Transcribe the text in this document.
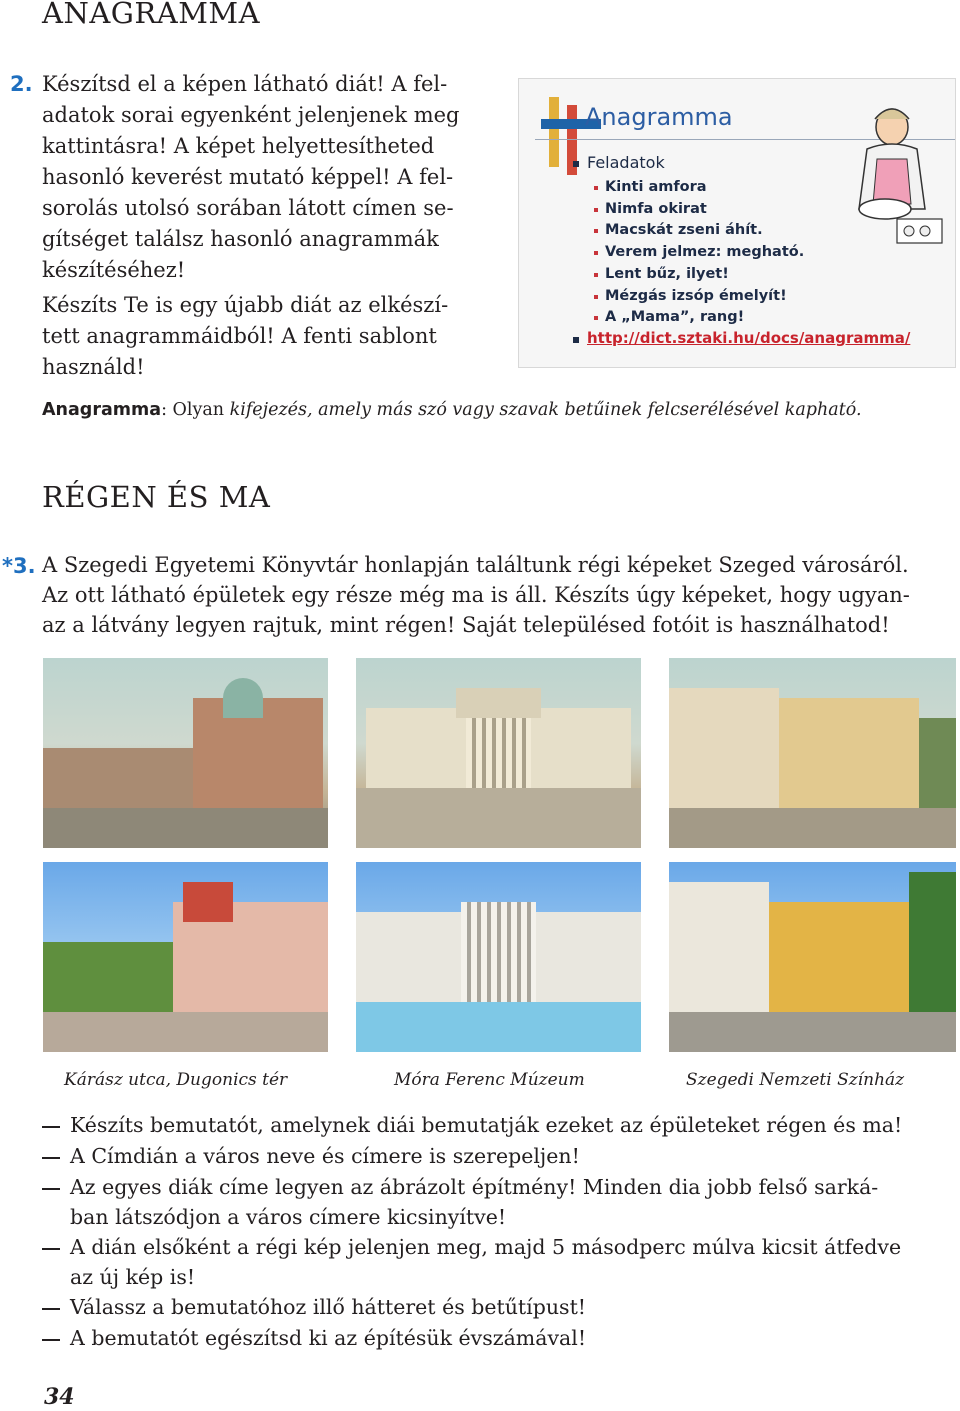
ANAGRAMMA
2. Készítsd el a képen látható diát! A fel-
adatok sorai egyenként jelenjenek meg
kattintásra! A képet helyettesítheted
hasonló keverést mutató képpel! A fel-
sorolás utolsó sorában látott címen se-
gítséget találsz hasonló anagrammák
készítéséhez!
Készíts Te is egy újabb diát az elkészí-
tett anagrammáidból! A fenti sablont
használd!
Anagramma
Feladatok
Kinti amfora
Nimfa okirat
Macskát zseni áhít.
Verem jelmez: megható.
Lent bűz, ilyet!
Mézgás izsóp émelyít!
A „Mama”, rang!
http://dict.sztaki.hu/docs/anagramma/
Anagramma: Olyan kifejezés, amely más szó vagy szavak betűinek felcserélésével kapható.
RÉGEN ÉS MA
*3. A Szegedi Egyetemi Könyvtár honlapján találtunk régi képeket Szeged városáról.
Az ott látható épületek egy része még ma is áll. Készíts úgy képeket, hogy ugyan-
az a látvány legyen rajtuk, mint régen! Saját településed fotóit is használhatod!
Kárász utca, Dugonics tér	Móra Ferenc Múzeum	Szegedi Nemzeti Színház
Készíts bemutatót, amelynek diái bemutatják ezeket az épületeket régen és ma!
A Címdián a város neve és címere is szerepeljen!
Az egyes diák címe legyen az ábrázolt építmény! Minden dia jobb felső sarká-
ban látszódjon a város címere kicsinyítve!
A dián elsőként a régi kép jelenjen meg, majd 5 másodperc múlva kicsit átfedve
az új kép is!
Válassz a bemutatóhoz illő hátteret és betűtípust!
A bemutatót egészítsd ki az építésük évszámával!
34
